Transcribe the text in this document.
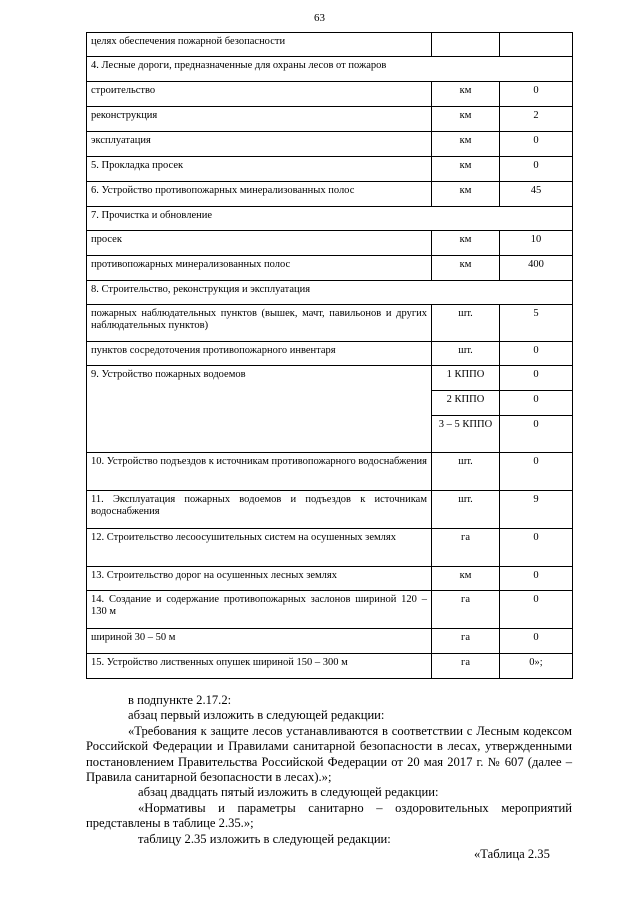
63
целях обеспечения пожарной безопасности		
4. Лесные дороги, предназначенные для охраны лесов от пожаров		
строительство	км	0
реконструкция	км	2
эксплуатация	км	0
5. Прокладка просек	км	0
6. Устройство противопожарных минерализованных полос	км	45
7. Прочистка и обновление		
просек	км	10
противопожарных минерализованных полос	км	400
8. Строительство, реконструкция и эксплуатация		
пожарных наблюдательных пунктов (вышек, мачт, павильонов и других наблюдательных пунктов)	шт.	5
пунктов сосредоточения противопожарного инвентаря	шт.	0
9. Устройство пожарных водоемов	1 КППО	0
	2 КППО	0
	3 – 5 КППО	0
10. Устройство подъездов к источникам противопожарного водоснабжения	шт.	0
11. Эксплуатация пожарных водоемов и подъездов к источникам водоснабжения	шт.	9
12. Строительство лесоосушительных систем на осушенных землях	га	0
13. Строительство дорог на осушенных лесных землях	км	0
14. Создание и содержание противопожарных заслонов шириной 120 – 130 м	га	0
шириной 30 – 50 м	га	0
15. Устройство лиственных опушек шириной 150 – 300 м	га	0»;

в подпункте 2.17.2:

абзац первый изложить в следующей редакции:

«Требования к защите лесов устанавливаются в соответствии с Лесным кодексом Российской Федерации и Правилами санитарной безопасности в лесах, утвержденными постановлением Правительства Российской Федерации от 20 мая 2017 г. № 607 (далее – Правила санитарной безопасности в лесах).»;

абзац двадцать пятый изложить в следующей редакции:

«Нормативы и параметры санитарно – оздоровительных мероприятий представлены в таблице 2.35.»;

таблицу 2.35 изложить в следующей редакции:

«Таблица 2.35
